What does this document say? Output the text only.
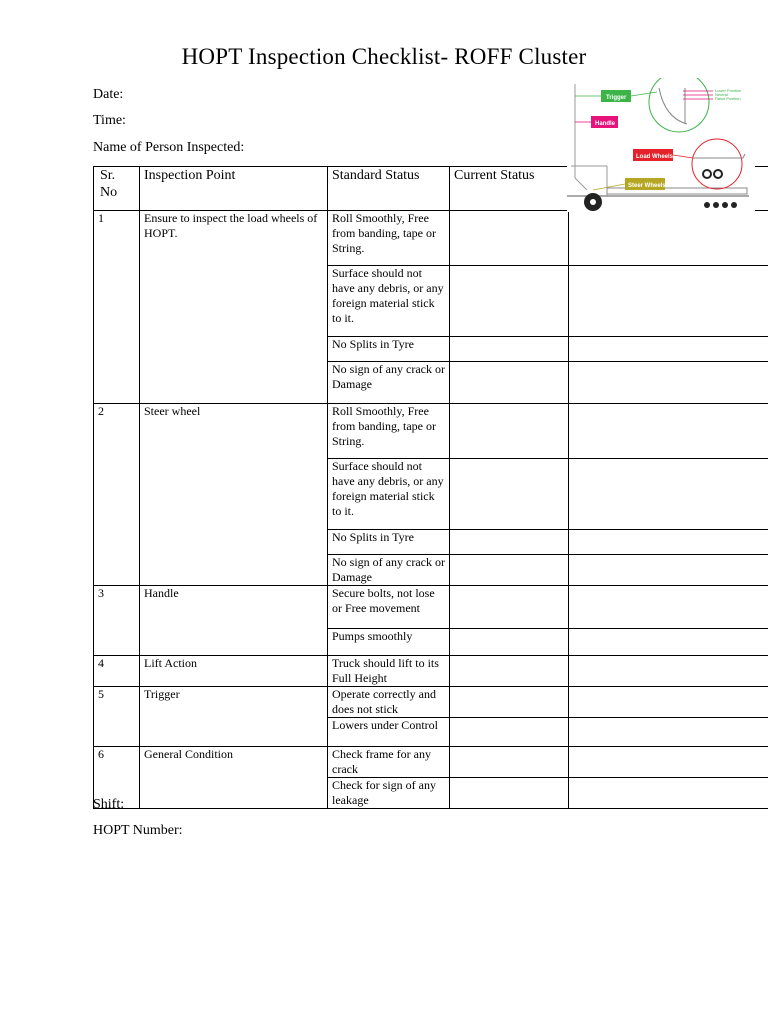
HOPT Inspection Checklist- ROFF Cluster
Date:
Time:
Name of Person Inspected:
Sr. No	Inspection Point	Standard Status	Current Status	
1	Ensure to inspect the load wheels of HOPT.	Roll Smoothly, Free from banding, tape or String.		
		Surface should not have any debris, or any foreign material stick to it.		
		No Splits in Tyre		
		No sign of any crack or Damage		
2	Steer wheel	Roll Smoothly, Free from banding, tape or String.		
		Surface should not have any debris, or any foreign material stick to it.		
		No Splits in Tyre		
		No sign of any crack or Damage		
3	Handle	Secure bolts, not lose or Free movement		
		Pumps smoothly		
4	Lift Action	Truck should lift to its Full Height		
5	Trigger	Operate correctly and does not stick		
		Lowers under Control		
6	General Condition	Check frame for any crack		
		Check for sign of any leakage		
Shift:
HOPT Number:
Lower Position
Neutral
Raise Position
Trigger
Handle
Load Wheels
Steer Wheels
